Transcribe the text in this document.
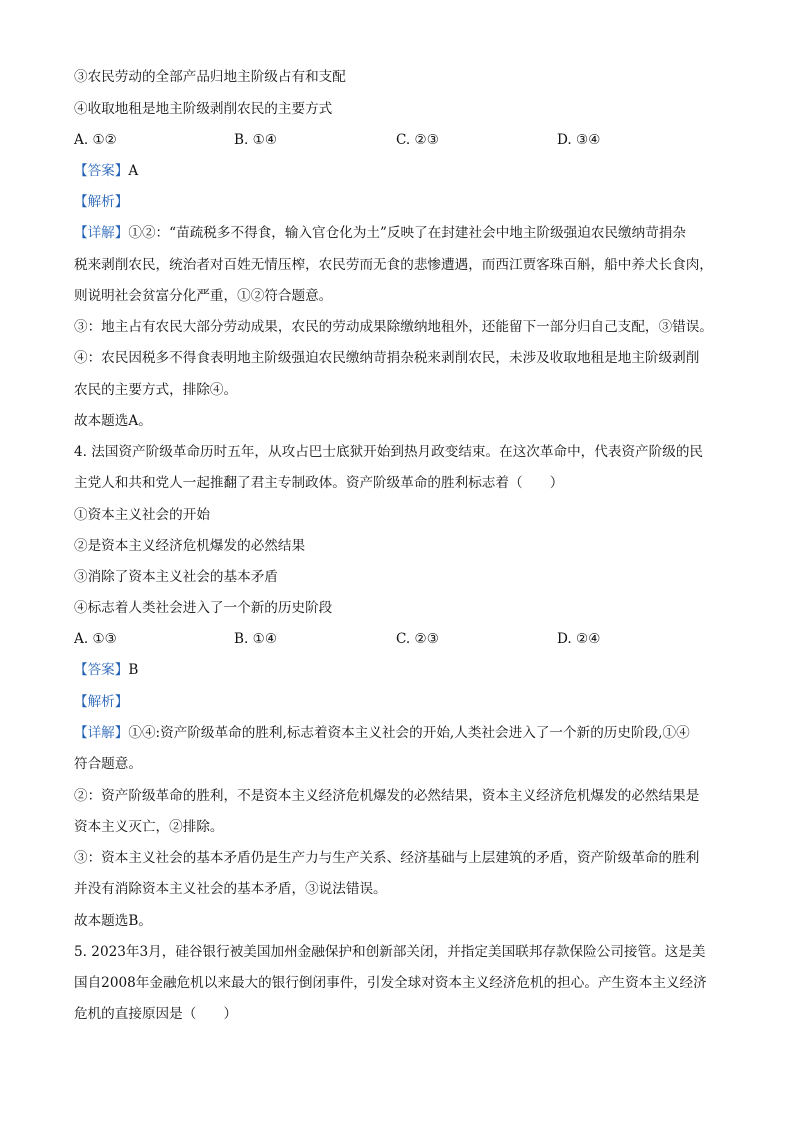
③农民劳动的全部产品归地主阶级占有和支配
④收取地租是地主阶级剥削农民的主要方式
A. ①②	B. ①④	C. ②③	D. ③④
【答案】A
【解析】
【详解】①②：“苗疏税多不得食，输入官仓化为土”反映了在封建社会中地主阶级强迫农民缴纳苛捐杂
税来剥削农民，统治者对百姓无情压榨，农民劳而无食的悲惨遭遇，而西江贾客珠百斛，船中养犬长食肉，
则说明社会贫富分化严重，①②符合题意。
③：地主占有农民大部分劳动成果，农民的劳动成果除缴纳地租外，还能留下一部分归自己支配，③错误。
④：农民因税多不得食表明地主阶级强迫农民缴纳苛捐杂税来剥削农民，未涉及收取地租是地主阶级剥削
农民的主要方式，排除④。
故本题选A。
4. 法国资产阶级革命历时五年，从攻占巴士底狱开始到热月政变结束。在这次革命中，代表资产阶级的民
主党人和共和党人一起推翻了君主专制政体。资产阶级革命的胜利标志着（　　）
①资本主义社会的开始
②是资本主义经济危机爆发的必然结果
③消除了资本主义社会的基本矛盾
④标志着人类社会进入了一个新的历史阶段
A. ①③	B. ①④	C. ②③	D. ②④
【答案】B
【解析】
【详解】①④:资产阶级革命的胜利,标志着资本主义社会的开始,人类社会进入了一个新的历史阶段,①④
符合题意。
②：资产阶级革命的胜利，不是资本主义经济危机爆发的必然结果，资本主义经济危机爆发的必然结果是
资本主义灭亡，②排除。
③：资本主义社会的基本矛盾仍是生产力与生产关系、经济基础与上层建筑的矛盾，资产阶级革命的胜利
并没有消除资本主义社会的基本矛盾，③说法错误。
故本题选B。
5. 2023年3月，硅谷银行被美国加州金融保护和创新部关闭，并指定美国联邦存款保险公司接管。这是美
国自2008年金融危机以来最大的银行倒闭事件，引发全球对资本主义经济危机的担心。产生资本主义经济
危机的直接原因是（　　）
